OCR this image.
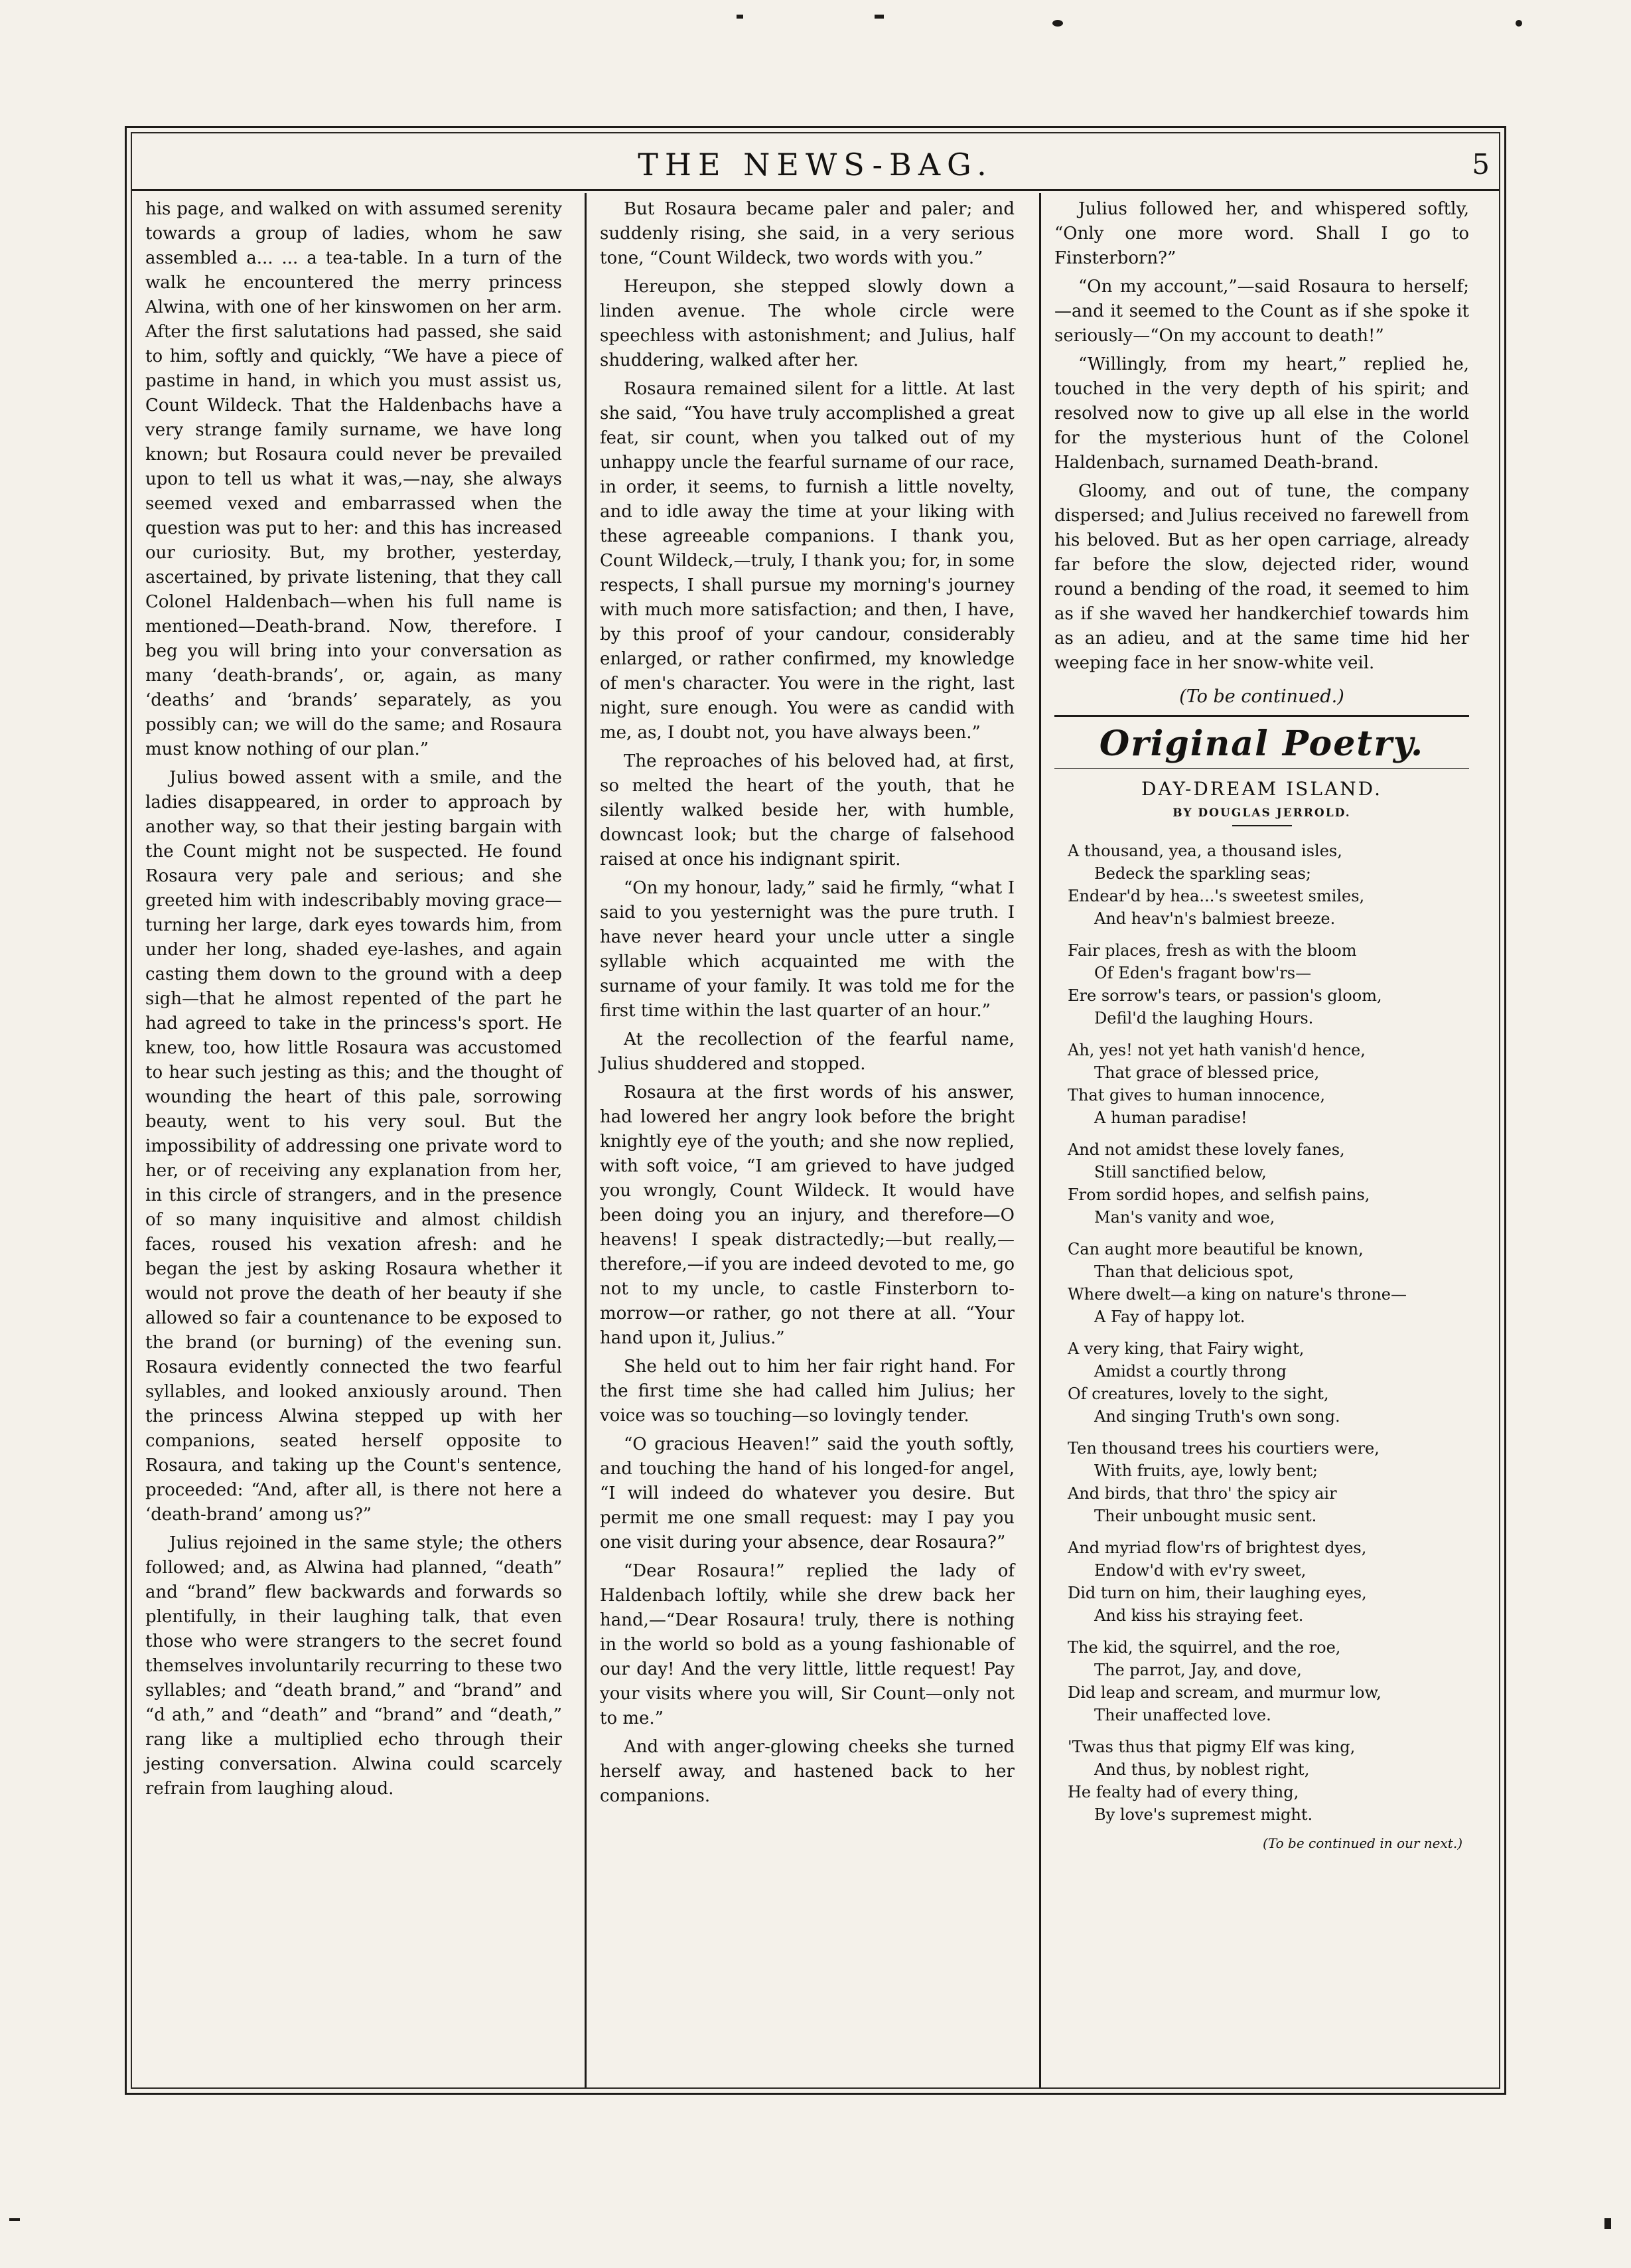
THE NEWS-BAG.	5

his page, and walked on with assumed serenity towards a group of ladies, whom he saw assembled a... ... a tea-table. In a turn of the walk he encountered the merry princess Alwina, with one of her kinswomen on her arm. After the first salutations had passed, she said to him, softly and quickly, “We have a piece of pastime in hand, in which you must assist us, Count Wildeck. That the Haldenbachs have a very strange family surname, we have long known; but Rosaura could never be prevailed upon to tell us what it was,—nay, she always seemed vexed and embarrassed when the question was put to her: and this has increased our curiosity. But, my brother, yesterday, ascertained, by private listening, that they call Colonel Haldenbach—when his full name is mentioned—Death-brand. Now, therefore. I beg you will bring into your conversation as many ‘death-brands’, or, again, as many ‘deaths’ and ‘brands’ separately, as you possibly can; we will do the same; and Rosaura must know nothing of our plan.”

Julius bowed assent with a smile, and the ladies disappeared, in order to approach by another way, so that their jesting bargain with the Count might not be suspected. He found Rosaura very pale and serious; and she greeted him with indescribably moving grace—turning her large, dark eyes towards him, from under her long, shaded eye-lashes, and again casting them down to the ground with a deep sigh—that he almost repented of the part he had agreed to take in the princess's sport. He knew, too, how little Rosaura was accustomed to hear such jesting as this; and the thought of wounding the heart of this pale, sorrowing beauty, went to his very soul. But the impossibility of addressing one private word to her, or of receiving any explanation from her, in this circle of strangers, and in the presence of so many inquisitive and almost childish faces, roused his vexation afresh: and he began the jest by asking Rosaura whether it would not prove the death of her beauty if she allowed so fair a countenance to be exposed to the brand (or burning) of the evening sun. Rosaura evidently connected the two fearful syllables, and looked anxiously around. Then the princess Alwina stepped up with her companions, seated herself opposite to Rosaura, and taking up the Count's sentence, proceeded: “And, after all, is there not here a ‘death-brand’ among us?”

Julius rejoined in the same style; the others followed; and, as Alwina had planned, “death” and “brand” flew backwards and forwards so plentifully, in their laughing talk, that even those who were strangers to the secret found themselves involuntarily recurring to these two syllables; and “death brand,” and “brand” and “d ath,” and “death” and “brand” and “death,” rang like a multiplied echo through their jesting conversation. Alwina could scarcely refrain from laughing aloud.

But Rosaura became paler and paler; and suddenly rising, she said, in a very serious tone, “Count Wildeck, two words with you.”

Hereupon, she stepped slowly down a linden avenue. The whole circle were speechless with astonishment; and Julius, half shuddering, walked after her.

Rosaura remained silent for a little. At last she said, “You have truly accomplished a great feat, sir count, when you talked out of my unhappy uncle the fearful surname of our race, in order, it seems, to furnish a little novelty, and to idle away the time at your liking with these agreeable companions. I thank you, Count Wildeck,—truly, I thank you; for, in some respects, I shall pursue my morning's journey with much more satisfaction; and then, I have, by this proof of your candour, considerably enlarged, or rather confirmed, my knowledge of men's character. You were in the right, last night, sure enough. You were as candid with me, as, I doubt not, you have always been.”

The reproaches of his beloved had, at first, so melted the heart of the youth, that he silently walked beside her, with humble, downcast look; but the charge of falsehood raised at once his indignant spirit.

“On my honour, lady,” said he firmly, “what I said to you yesternight was the pure truth. I have never heard your uncle utter a single syllable which acquainted me with the surname of your family. It was told me for the first time within the last quarter of an hour.”

At the recollection of the fearful name, Julius shuddered and stopped.

Rosaura at the first words of his answer, had lowered her angry look before the bright knightly eye of the youth; and she now replied, with soft voice, “I am grieved to have judged you wrongly, Count Wildeck. It would have been doing you an injury, and therefore—O heavens! I speak distractedly;—but really,—therefore,—if you are indeed devoted to me, go not to my uncle, to castle Finsterborn to-morrow—or rather, go not there at all. “Your hand upon it, Julius.”

She held out to him her fair right hand. For the first time she had called him Julius; her voice was so touching—so lovingly tender.

“O gracious Heaven!” said the youth softly, and touching the hand of his longed-for angel, “I will indeed do whatever you desire. But permit me one small request: may I pay you one visit during your absence, dear Rosaura?”

“Dear Rosaura!” replied the lady of Haldenbach loftily, while she drew back her hand,—“Dear Rosaura! truly, there is nothing in the world so bold as a young fashionable of our day! And the very little, little request! Pay your visits where you will, Sir Count—only not to me.”

And with anger-glowing cheeks she turned herself away, and hastened back to her companions.

Julius followed her, and whispered softly, “Only one more word. Shall I go to Finsterborn?”

“On my account,”—said Rosaura to herself;—and it seemed to the Count as if she spoke it seriously—“On my account to death!”

“Willingly, from my heart,” replied he, touched in the very depth of his spirit; and resolved now to give up all else in the world for the mysterious hunt of the Colonel Haldenbach, surnamed Death-brand.

Gloomy, and out of tune, the company dispersed; and Julius received no farewell from his beloved. But as her open carriage, already far before the slow, dejected rider, wound round a bending of the road, it seemed to him as if she waved her handkerchief towards him as an adieu, and at the same time hid her weeping face in her snow-white veil.

(To be continued.)
Original Poetry.
DAY-DREAM ISLAND.
BY DOUGLAS JERROLD.
A thousand, yea, a thousand isles,
Bedeck the sparkling seas;
Endear'd by hea...'s sweetest smiles,
And heav'n's balmiest breeze.
Fair places, fresh as with the bloom
Of Eden's fragant bow'rs—
Ere sorrow's tears, or passion's gloom,
Defil'd the laughing Hours.
Ah, yes! not yet hath vanish'd hence,
That grace of blessed price,
That gives to human innocence,
A human paradise!
And not amidst these lovely fanes,
Still sanctified below,
From sordid hopes, and selfish pains,
Man's vanity and woe,
Can aught more beautiful be known,
Than that delicious spot,
Where dwelt—a king on nature's throne—
A Fay of happy lot.
A very king, that Fairy wight,
Amidst a courtly throng
Of creatures, lovely to the sight,
And singing Truth's own song.
Ten thousand trees his courtiers were,
With fruits, aye, lowly bent;
And birds, that thro' the spicy air
Their unbought music sent.
And myriad flow'rs of brightest dyes,
Endow'd with ev'ry sweet,
Did turn on him, their laughing eyes,
And kiss his straying feet.
The kid, the squirrel, and the roe,
The parrot, Jay, and dove,
Did leap and scream, and murmur low,
Their unaffected love.
'Twas thus that pigmy Elf was king,
And thus, by noblest right,
He fealty had of every thing,
By love's supremest might.
(To be continued in our next.)
